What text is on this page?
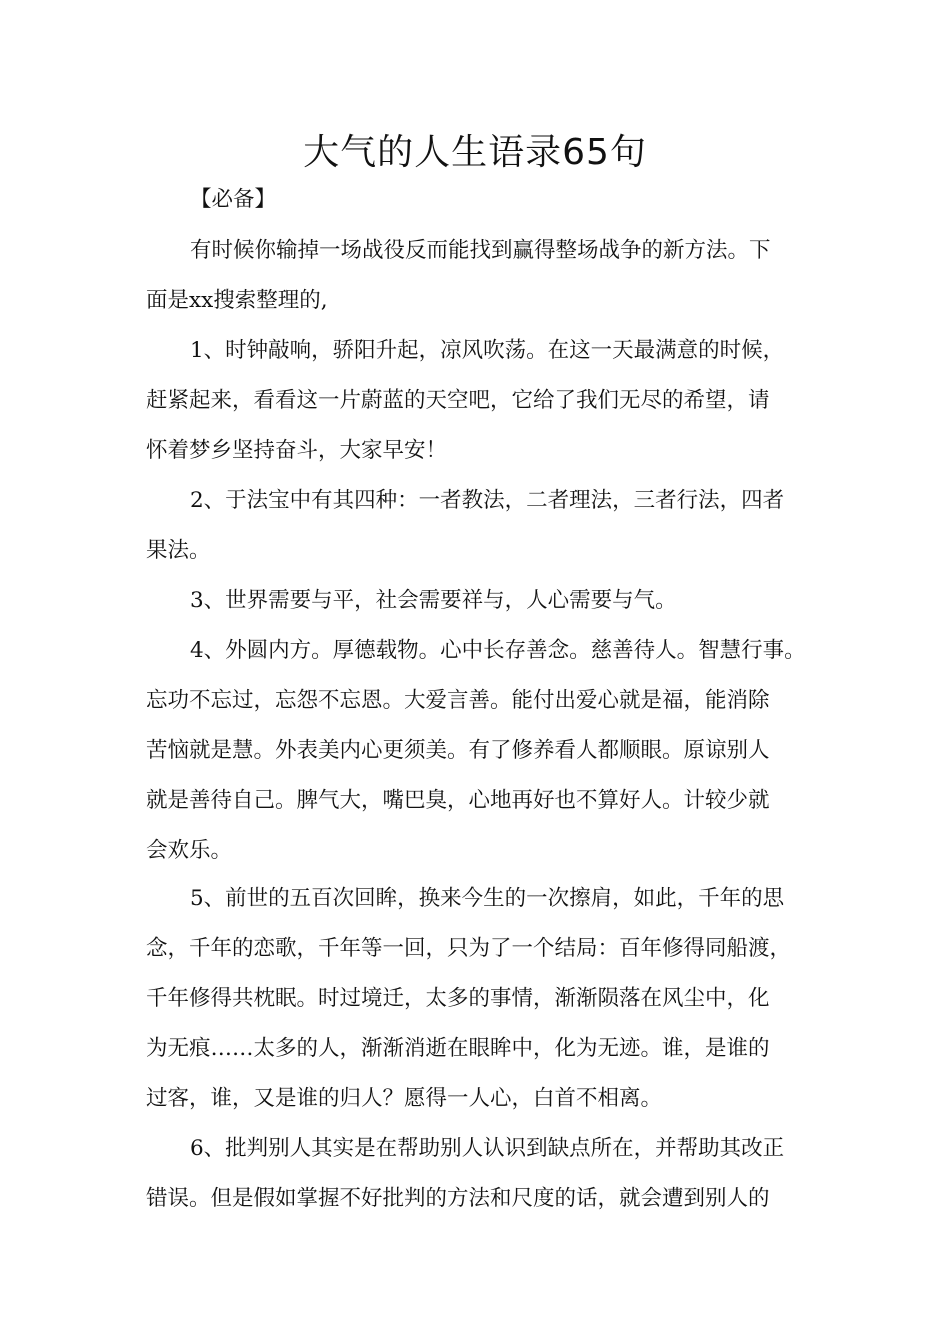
大气的人生语录65句

【必备】

有时候你输掉一场战役反而能找到赢得整场战争的新方法。下

面是xx搜索整理的,

1、时钟敲响，骄阳升起，凉风吹荡。在这一天最满意的时候，

赶紧起来，看看这一片蔚蓝的天空吧，它给了我们无尽的希望，请

怀着梦乡坚持奋斗，大家早安！

2、于法宝中有其四种：一者教法，二者理法，三者行法，四者

果法。

3、世界需要与平，社会需要祥与，人心需要与气。

4、外圆内方。厚德载物。心中长存善念。慈善待人。智慧行事。

忘功不忘过，忘怨不忘恩。大爱言善。能付出爱心就是福，能消除

苦恼就是慧。外表美内心更须美。有了修养看人都顺眼。原谅别人

就是善待自己。脾气大，嘴巴臭，心地再好也不算好人。计较少就

会欢乐。

5、前世的五百次回眸，换来今生的一次擦肩，如此，千年的思

念，千年的恋歌，千年等一回，只为了一个结局：百年修得同船渡，

千年修得共枕眠。时过境迁，太多的事情，渐渐陨落在风尘中，化

为无痕……太多的人，渐渐消逝在眼眸中，化为无迹。谁，是谁的

过客，谁，又是谁的归人？愿得一人心，白首不相离。

6、批判别人其实是在帮助别人认识到缺点所在，并帮助其改正

错误。但是假如掌握不好批判的方法和尺度的话，就会遭到别人的
